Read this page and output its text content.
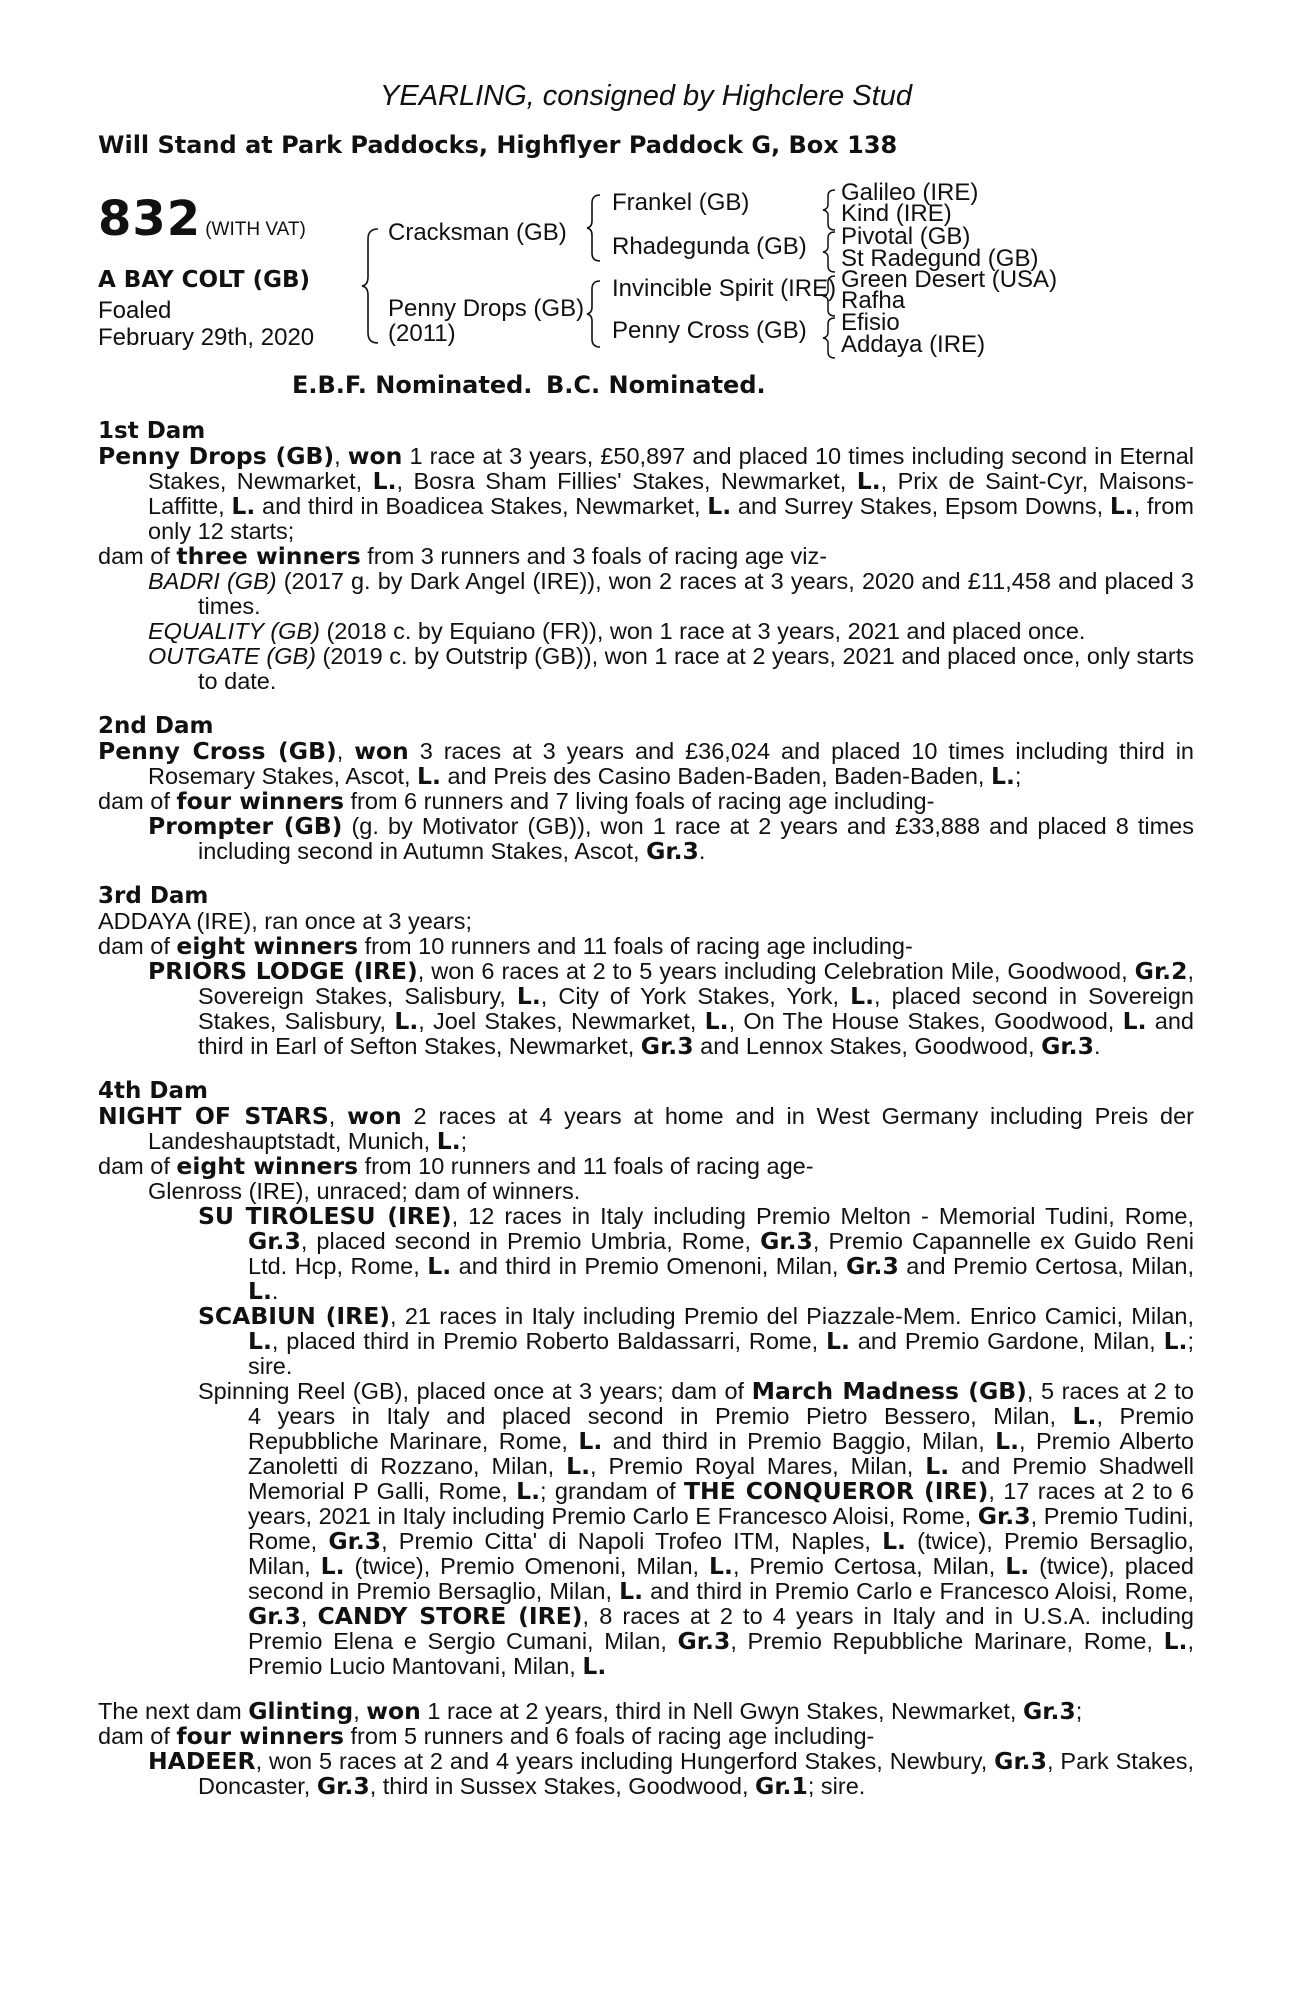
YEARLING, consigned by Highclere Stud
Will Stand at Park Paddocks, Highflyer Paddock G, Box 138
832 (WITH VAT)
A BAY COLT (GB)
Foaled
February 29th, 2020
Cracksman (GB)
Penny Drops (GB)
(2011)
Frankel (GB)
Rhadegunda (GB)
Invincible Spirit (IRE)
Penny Cross (GB)
Galileo (IRE)
Kind (IRE)
Pivotal (GB)
St Radegund (GB)
Green Desert (USA)
Rafha
Efisio
Addaya (IRE)
E.B.F. Nominated. B.C. Nominated.
1st Dam

Penny Drops (GB), won 1 race at 3 years, £50,897 and placed 10 times including second in Eternal Stakes, Newmarket, L., Bosra Sham Fillies' Stakes, Newmarket, L., Prix de Saint-Cyr, Maisons-Laffitte, L. and third in Boadicea Stakes, Newmarket, L. and Surrey Stakes, Epsom Downs, L., from only 12 starts;

dam of three winners from 3 runners and 3 foals of racing age viz-

BADRI (GB) (2017 g. by Dark Angel (IRE)), won 2 races at 3 years, 2020 and £11,458 and placed 3 times.

EQUALITY (GB) (2018 c. by Equiano (FR)), won 1 race at 3 years, 2021 and placed once.

OUTGATE (GB) (2019 c. by Outstrip (GB)), won 1 race at 2 years, 2021 and placed once, only starts to date.

2nd Dam

Penny Cross (GB), won 3 races at 3 years and £36,024 and placed 10 times including third in Rosemary Stakes, Ascot, L. and Preis des Casino Baden-Baden, Baden-Baden, L.;

dam of four winners from 6 runners and 7 living foals of racing age including-

Prompter (GB) (g. by Motivator (GB)), won 1 race at 2 years and £33,888 and placed 8 times including second in Autumn Stakes, Ascot, Gr.3.

3rd Dam

ADDAYA (IRE), ran once at 3 years;

dam of eight winners from 10 runners and 11 foals of racing age including-

PRIORS LODGE (IRE), won 6 races at 2 to 5 years including Celebration Mile, Goodwood, Gr.2, Sovereign Stakes, Salisbury, L., City of York Stakes, York, L., placed second in Sovereign Stakes, Salisbury, L., Joel Stakes, Newmarket, L., On The House Stakes, Goodwood, L. and third in Earl of Sefton Stakes, Newmarket, Gr.3 and Lennox Stakes, Goodwood, Gr.3.

4th Dam

NIGHT OF STARS, won 2 races at 4 years at home and in West Germany including Preis der Landeshauptstadt, Munich, L.;

dam of eight winners from 10 runners and 11 foals of racing age-

Glenross (IRE), unraced; dam of winners.

SU TIROLESU (IRE), 12 races in Italy including Premio Melton - Memorial Tudini, Rome, Gr.3, placed second in Premio Umbria, Rome, Gr.3, Premio Capannelle ex Guido Reni Ltd. Hcp, Rome, L. and third in Premio Omenoni, Milan, Gr.3 and Premio Certosa, Milan, L..

SCABIUN (IRE), 21 races in Italy including Premio del Piazzale-Mem. Enrico Camici, Milan, L., placed third in Premio Roberto Baldassarri, Rome, L. and Premio Gardone, Milan, L.; sire.

Spinning Reel (GB), placed once at 3 years; dam of March Madness (GB), 5 races at 2 to 4 years in Italy and placed second in Premio Pietro Bessero, Milan, L., Premio Repubbliche Marinare, Rome, L. and third in Premio Baggio, Milan, L., Premio Alberto Zanoletti di Rozzano, Milan, L., Premio Royal Mares, Milan, L. and Premio Shadwell Memorial P Galli, Rome, L.; grandam of THE CONQUEROR (IRE), 17 races at 2 to 6 years, 2021 in Italy including Premio Carlo E Francesco Aloisi, Rome, Gr.3, Premio Tudini, Rome, Gr.3, Premio Citta' di Napoli Trofeo ITM, Naples, L. (twice), Premio Bersaglio, Milan, L. (twice), Premio Omenoni, Milan, L., Premio Certosa, Milan, L. (twice), placed second in Premio Bersaglio, Milan, L. and third in Premio Carlo e Francesco Aloisi, Rome, Gr.3, CANDY STORE (IRE), 8 races at 2 to 4 years in Italy and in U.S.A. including Premio Elena e Sergio Cumani, Milan, Gr.3, Premio Repubbliche Marinare, Rome, L., Premio Lucio Mantovani, Milan, L.

The next dam Glinting, won 1 race at 2 years, third in Nell Gwyn Stakes, Newmarket, Gr.3;

dam of four winners from 5 runners and 6 foals of racing age including-

HADEER, won 5 races at 2 and 4 years including Hungerford Stakes, Newbury, Gr.3, Park Stakes, Doncaster, Gr.3, third in Sussex Stakes, Goodwood, Gr.1; sire.
